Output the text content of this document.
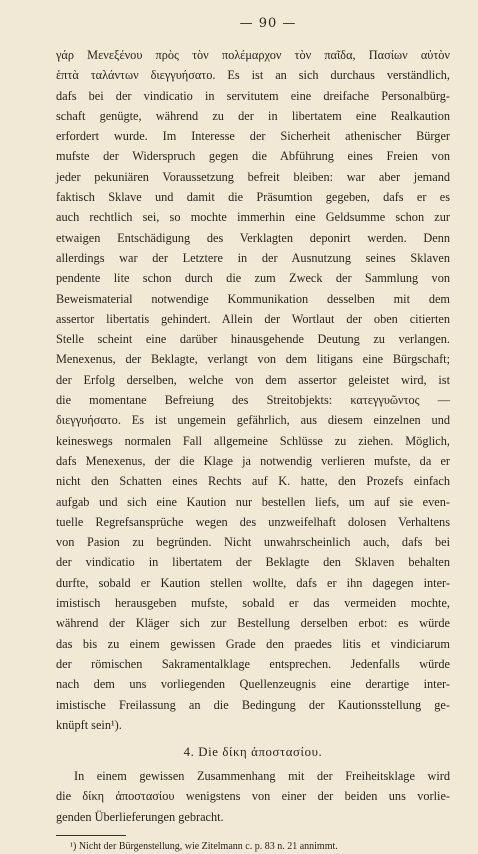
— 90 —

γάρ Μενεξένου πρὸς τὸν πολέμαρχον τὸν παῖδα, Πασίων αὐτὸν
ἑπτὰ ταλάντων διεγγυήσατο. Es ist an sich durchaus verständlich,
dafs bei der vindicatio in servitutem eine dreifache Personalbürg-
schaft genügte, während zu der in libertatem eine Realkaution
erfordert wurde. Im Interesse der Sicherheit athenischer Bürger
mufste der Widerspruch gegen die Abführung eines Freien von
jeder pekuniären Voraussetzung befreit bleiben: war aber jemand
faktisch Sklave und damit die Präsumtion gegeben, dafs er es
auch rechtlich sei, so mochte immerhin eine Geldsumme schon zur
etwaigen Entschädigung des Verklagten deponirt werden. Denn
allerdings war der Letztere in der Ausnutzung seines Sklaven
pendente lite schon durch die zum Zweck der Sammlung von
Beweismaterial notwendige Kommunikation desselben mit dem
assertor libertatis gehindert. Allein der Wortlaut der oben citierten
Stelle scheint eine darüber hinausgehende Deutung zu verlangen.
Menexenus, der Beklagte, verlangt von dem litigans eine Bürgschaft;
der Erfolg derselben, welche von dem assertor geleistet wird, ist
die momentane Befreiung des Streitobjekts: κατεγγυῶντος —
διεγγυήσατο. Es ist ungemein gefährlich, aus diesem einzelnen und
keineswegs normalen Fall allgemeine Schlüsse zu ziehen. Möglich,
dafs Menexenus, der die Klage ja notwendig verlieren mufste, da er
nicht den Schatten eines Rechts auf K. hatte, den Prozefs einfach
aufgab und sich eine Kaution nur bestellen liefs, um auf sie even-
tuelle Regrefsansprüche wegen des unzweifelhaft dolosen Verhaltens
von Pasion zu begründen. Nicht unwahrscheinlich auch, dafs bei
der vindicatio in libertatem der Beklagte den Sklaven behalten
durfte, sobald er Kaution stellen wollte, dafs er ihn dagegen inter-
imistisch herausgeben mufste, sobald er das vermeiden mochte,
während der Kläger sich zur Bestellung derselben erbot: es würde
das bis zu einem gewissen Grade den praedes litis et vindiciarum
der römischen Sakramentalklage entsprechen. Jedenfalls würde
nach dem uns vorliegenden Quellenzeugnis eine derartige inter-
imistische Freilassung an die Bedingung der Kautionsstellung ge-
knüpft sein¹).

4. Die δίκη ἀποστασίου.

In einem gewissen Zusammenhang mit der Freiheitsklage wird
die δίκη ἀποστασίου wenigstens von einer der beiden uns vorlie-
genden Überlieferungen gebracht.

¹) Nicht der Bürgenstellung, wie Zitelmann c. p. 83 n. 21 annimmt.
